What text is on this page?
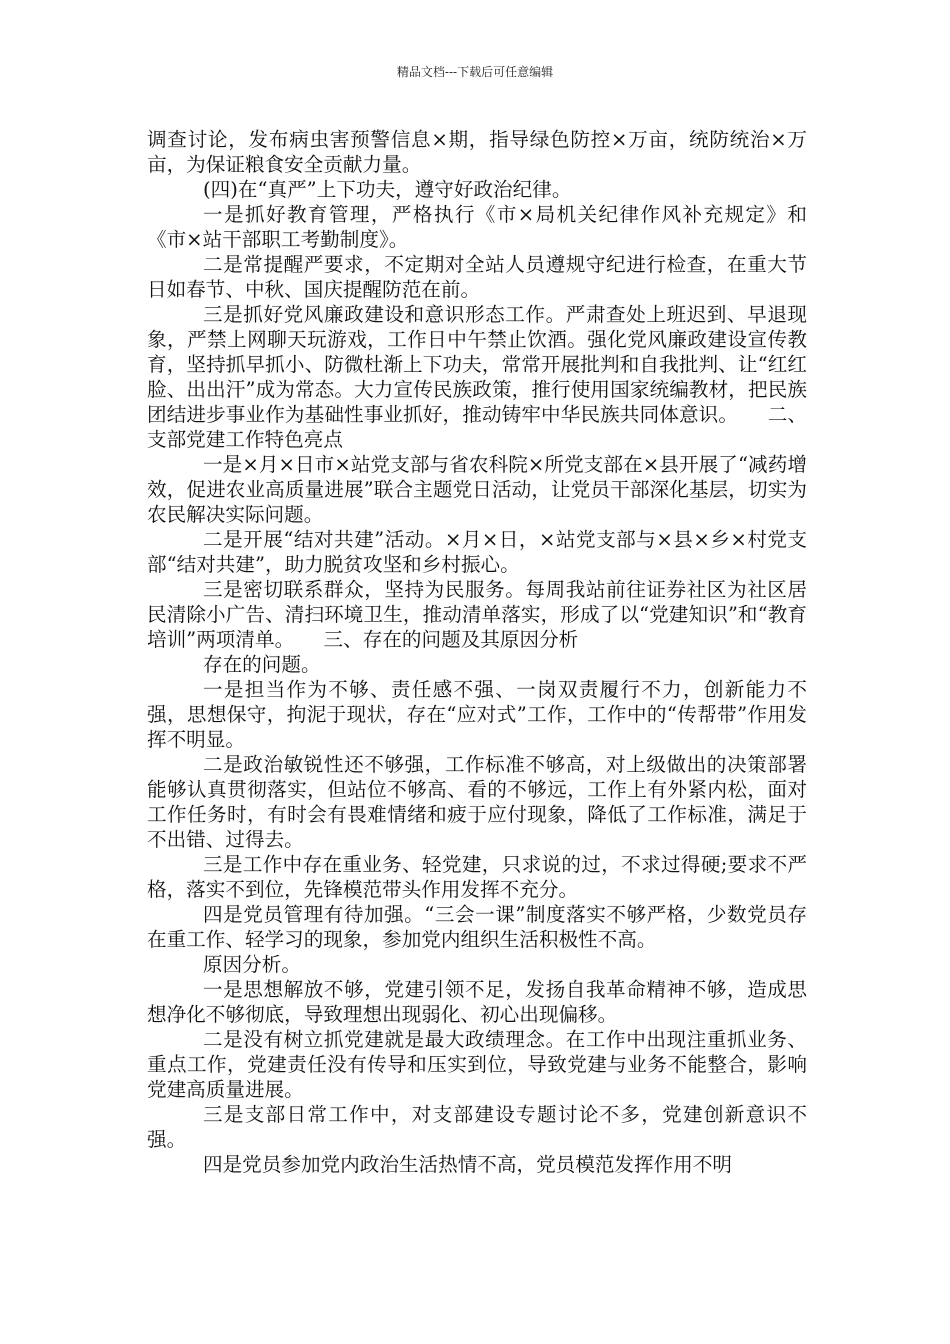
精品文档---下载后可任意编辑

调查讨论，发布病虫害预警信息×期，指导绿色防控×万亩，统防统治×万亩，为保证粮食安全贡献力量。

(四)在“真严”上下功夫，遵守好政治纪律。

一是抓好教育管理，严格执行《市×局机关纪律作风补充规定》和《市×站干部职工考勤制度》。

二是常提醒严要求，不定期对全站人员遵规守纪进行检查，在重大节日如春节、中秋、国庆提醒防范在前。

三是抓好党风廉政建设和意识形态工作。严肃查处上班迟到、早退现象，严禁上网聊天玩游戏，工作日中午禁止饮酒。强化党风廉政建设宣传教育，坚持抓早抓小、防微杜渐上下功夫，常常开展批判和自我批判、让“红红脸、出出汗”成为常态。大力宣传民族政策，推行使用国家统编教材，把民族团结进步事业作为基础性事业抓好，推动铸牢中华民族共同体意识。　　二、支部党建工作特色亮点

一是×月×日市×站党支部与省农科院×所党支部在×县开展了“减药增效，促进农业高质量进展”联合主题党日活动，让党员干部深化基层，切实为农民解决实际问题。

二是开展“结对共建”活动。×月×日，×站党支部与×县×乡×村党支部“结对共建”，助力脱贫攻坚和乡村振心。

三是密切联系群众，坚持为民服务。每周我站前往证券社区为社区居民清除小广告、清扫环境卫生，推动清单落实，形成了以“党建知识”和“教育培训”两项清单。　　三、存在的问题及其原因分析

存在的问题。

一是担当作为不够、责任感不强、一岗双责履行不力，创新能力不强，思想保守，拘泥于现状，存在“应对式”工作，工作中的“传帮带”作用发挥不明显。

二是政治敏锐性还不够强，工作标准不够高，对上级做出的决策部署能够认真贯彻落实，但站位不够高、看的不够远，工作上有外紧内松，面对工作任务时，有时会有畏难情绪和疲于应付现象，降低了工作标准，满足于不出错、过得去。

三是工作中存在重业务、轻党建，只求说的过，不求过得硬;要求不严格，落实不到位，先锋模范带头作用发挥不充分。

四是党员管理有待加强。“三会一课”制度落实不够严格，少数党员存在重工作、轻学习的现象，参加党内组织生活积极性不高。

原因分析。

一是思想解放不够，党建引领不足，发扬自我革命精神不够，造成思想净化不够彻底，导致理想出现弱化、初心出现偏移。

二是没有树立抓党建就是最大政绩理念。在工作中出现注重抓业务、重点工作，党建责任没有传导和压实到位，导致党建与业务不能整合，影响党建高质量进展。

三是支部日常工作中，对支部建设专题讨论不多，党建创新意识不强。

四是党员参加党内政治生活热情不高，党员模范发挥作用不明
